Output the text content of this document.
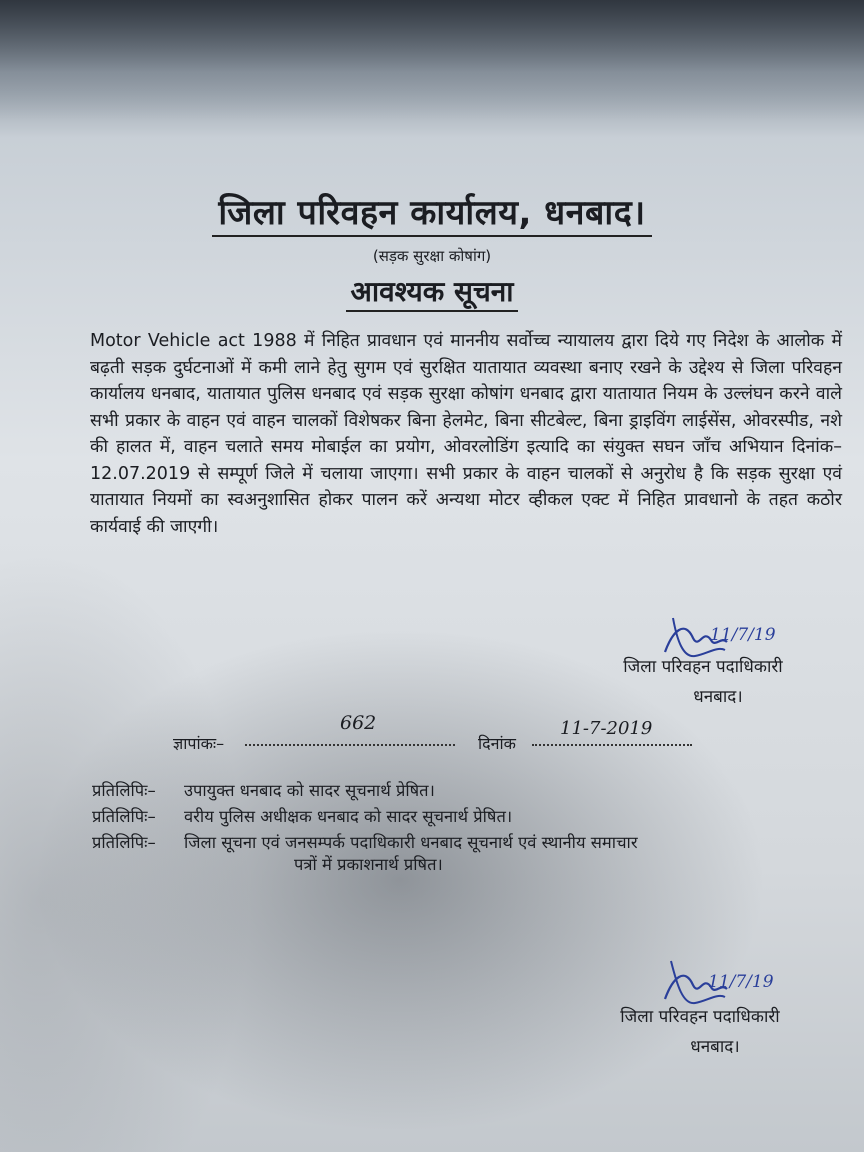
जिला परिवहन कार्यालय, धनबाद।
(सड़क सुरक्षा कोषांग)
आवश्यक सूचना
Motor Vehicle act 1988 में निहित प्रावधान एवं माननीय सर्वोच्च न्यायालय द्वारा दिये गए निदेश के आलोक में बढ़ती सड़क दुर्घटनाओं में कमी लाने हेतु सुगम एवं सुरक्षित यातायात व्यवस्था बनाए रखने के उद्देश्य से जिला परिवहन कार्यालय धनबाद, यातायात पुलिस धनबाद एवं सड़क सुरक्षा कोषांग धनबाद द्वारा यातायात नियम के उल्लंघन करने वाले सभी प्रकार के वाहन एवं वाहन चालकों विशेषकर बिना हेलमेट, बिना सीटबेल्ट, बिना ड्राइविंग लाईसेंस, ओवरस्पीड, नशे की हालत में, वाहन चलाते समय मोबाईल का प्रयोग, ओवरलोडिंग इत्यादि का संयुक्त सघन जाँच अभियान दिनांक–12.07.2019 से सम्पूर्ण जिले में चलाया जाएगा। सभी प्रकार के वाहन चालकों से अनुरोध है कि सड़क सुरक्षा एवं यातायात नियमों का स्वअनुशासित होकर पालन करें अन्यथा मोटर व्हीकल एक्ट में निहित प्रावधानो के तहत कठोर कार्यवाई की जाएगी।
11/7/19
जिला परिवहन पदाधिकारी
धनबाद।
ज्ञापांकः–
662
दिनांक
11-7-2019
प्रतिलिपिः– उपायुक्त धनबाद को सादर सूचनार्थ प्रेषित।
प्रतिलिपिः– वरीय पुलिस अधीक्षक धनबाद को सादर सूचनार्थ प्रेषित।
प्रतिलिपिः– जिला सूचना एवं जनसम्पर्क पदाधिकारी धनबाद सूचनार्थ एवं स्थानीय समाचार
पत्रों में प्रकाशनार्थ प्रषित।
11/7/19
जिला परिवहन पदाधिकारी
धनबाद।
